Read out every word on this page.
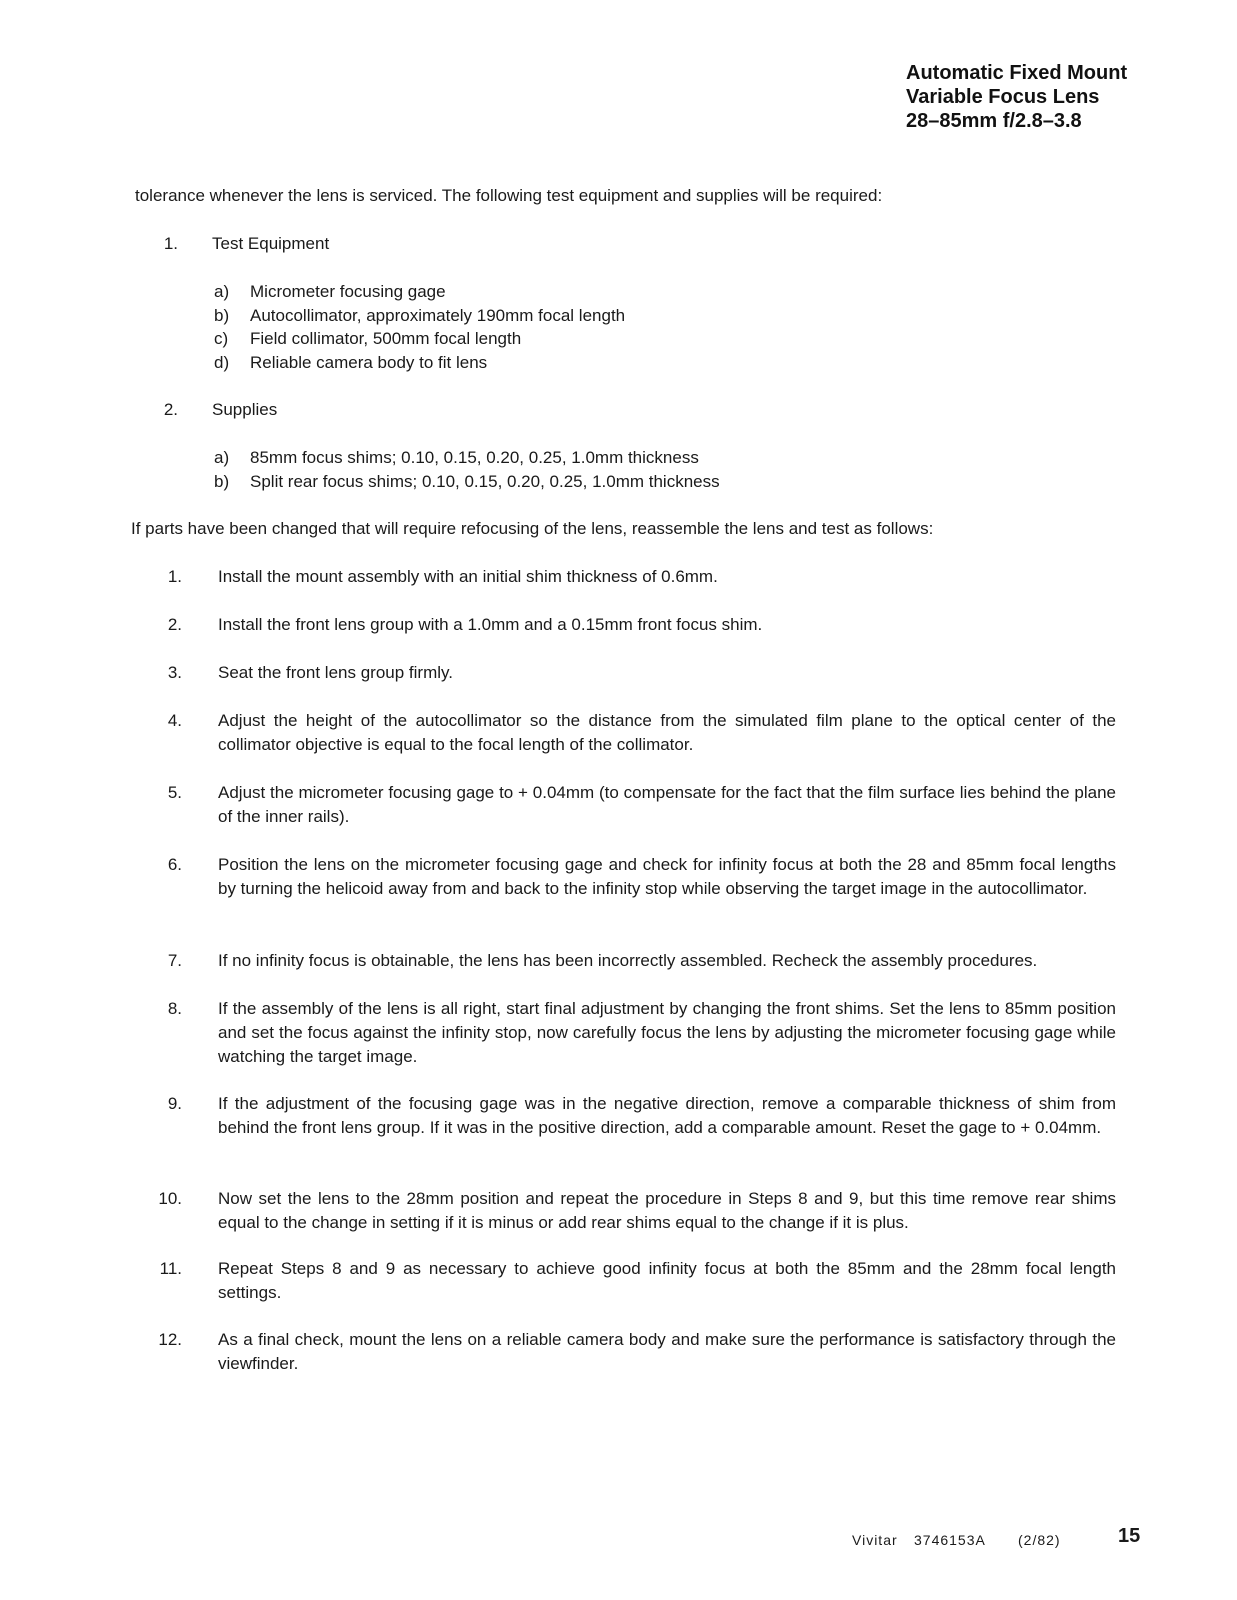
Automatic Fixed Mount
Variable Focus Lens
28–85mm f/2.8–3.8
tolerance whenever the lens is serviced. The following test equipment and supplies will be required:
1. Test Equipment
a) Micrometer focusing gage
b) Autocollimator, approximately 190mm focal length
c) Field collimator, 500mm focal length
d) Reliable camera body to fit lens
2. Supplies
a) 85mm focus shims; 0.10, 0.15, 0.20, 0.25, 1.0mm thickness
b) Split rear focus shims; 0.10, 0.15, 0.20, 0.25, 1.0mm thickness
If parts have been changed that will require refocusing of the lens, reassemble the lens and test as follows:
1. Install the mount assembly with an initial shim thickness of 0.6mm.
2. Install the front lens group with a 1.0mm and a 0.15mm front focus shim.
3. Seat the front lens group firmly.
4. Adjust the height of the autocollimator so the distance from the simulated film plane to the optical center of the collimator objective is equal to the focal length of the collimator.
5. Adjust the micrometer focusing gage to + 0.04mm (to compensate for the fact that the film surface lies behind the plane of the inner rails).
6. Position the lens on the micrometer focusing gage and check for infinity focus at both the 28 and 85mm focal lengths by turning the helicoid away from and back to the infinity stop while observing the target image in the autocollimator.
7. If no infinity focus is obtainable, the lens has been incorrectly assembled. Recheck the assembly procedures.
8. If the assembly of the lens is all right, start final adjustment by changing the front shims. Set the lens to 85mm position and set the focus against the infinity stop, now carefully focus the lens by adjusting the micrometer focusing gage while watching the target image.
9. If the adjustment of the focusing gage was in the negative direction, remove a comparable thickness of shim from behind the front lens group. If it was in the positive direction, add a comparable amount. Reset the gage to + 0.04mm.
10. Now set the lens to the 28mm position and repeat the procedure in Steps 8 and 9, but this time remove rear shims equal to the change in setting if it is minus or add rear shims equal to the change if it is plus.
11. Repeat Steps 8 and 9 as necessary to achieve good infinity focus at both the 85mm and the 28mm focal length settings.
12. As a final check, mount the lens on a reliable camera body and make sure the performance is satisfactory through the viewfinder.
Vivitar 3746153A (2/82)	15
